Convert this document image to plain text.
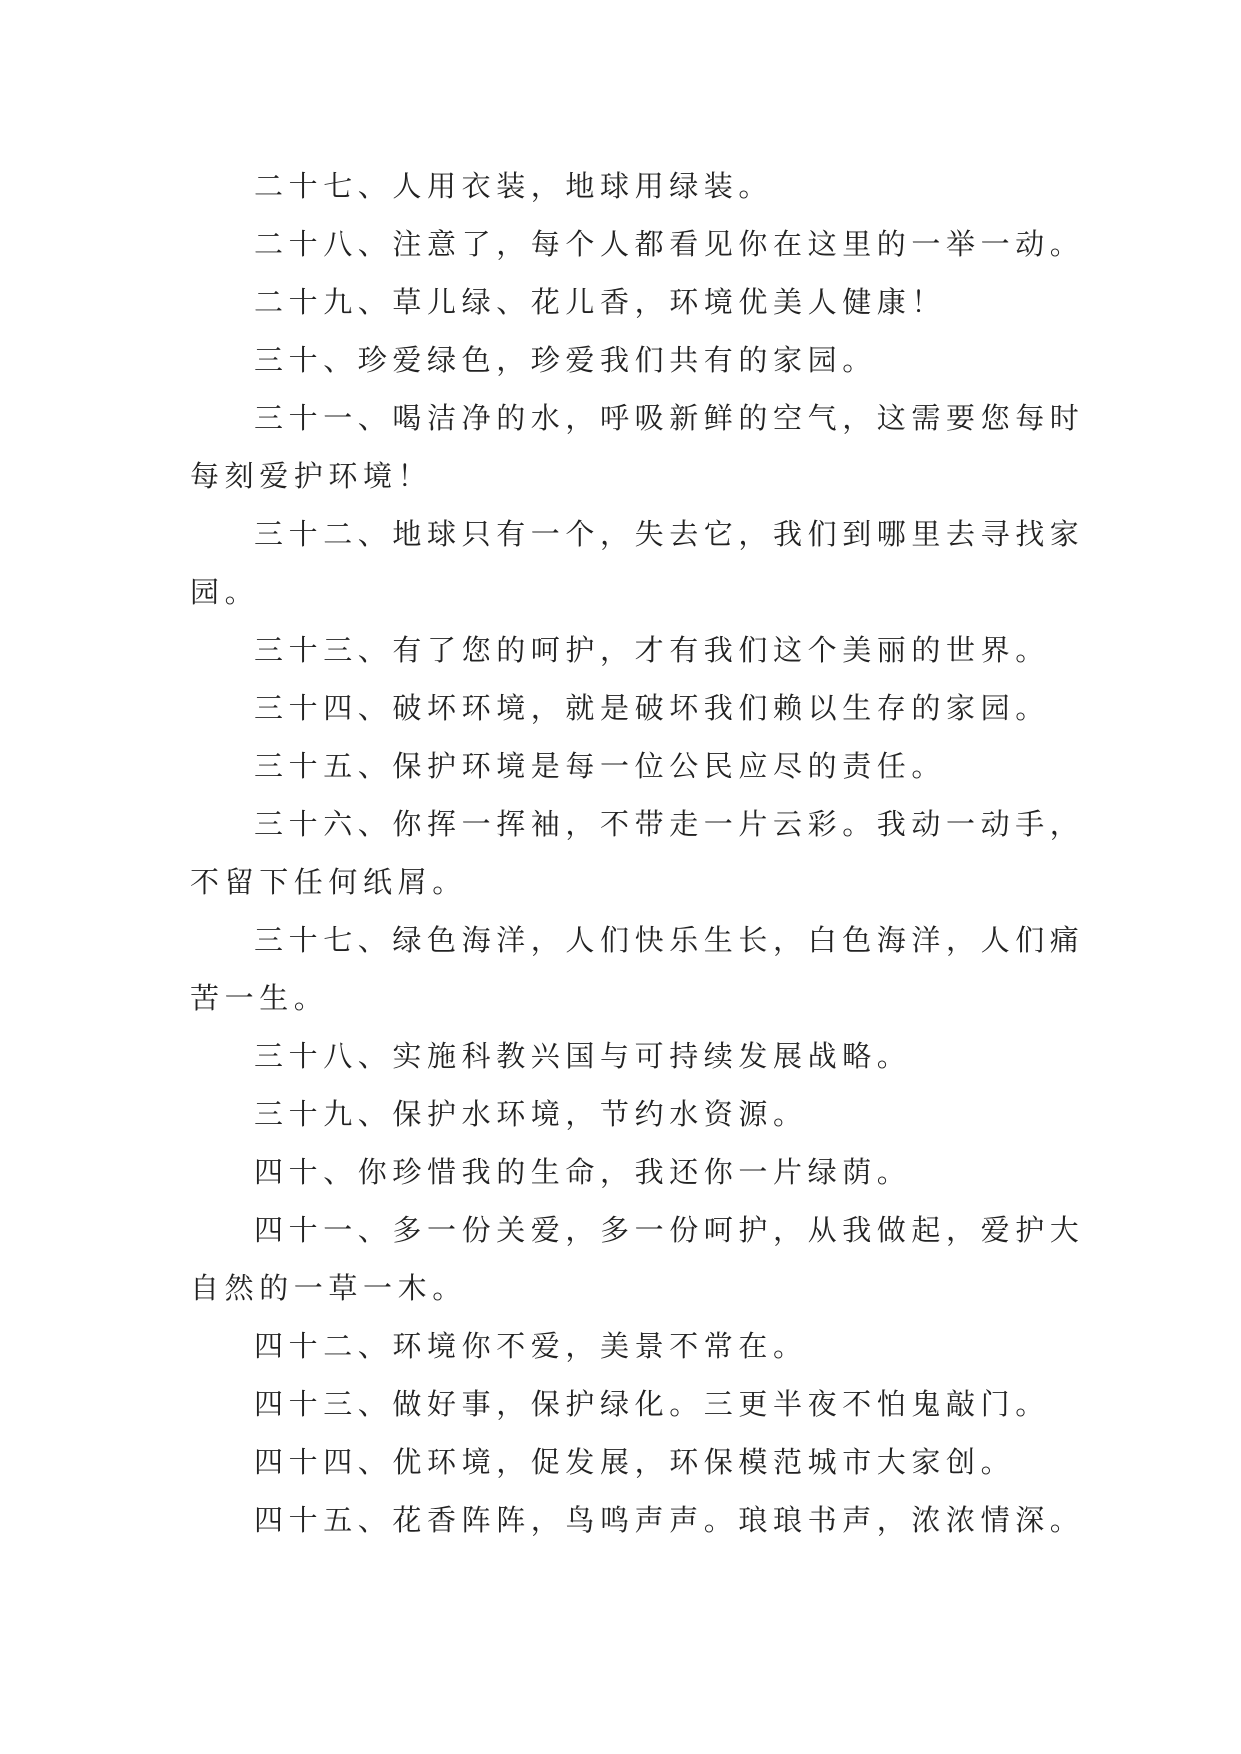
二十七、人用衣装，地球用绿装。

二十八、注意了，每个人都看见你在这里的一举一动。

二十九、草儿绿、花儿香，环境优美人健康！

三十、珍爱绿色，珍爱我们共有的家园。

三十一、喝洁净的水，呼吸新鲜的空气，这需要您每时每刻爱护环境！

三十二、地球只有一个，失去它，我们到哪里去寻找家园。

三十三、有了您的呵护，才有我们这个美丽的世界。

三十四、破坏环境，就是破坏我们赖以生存的家园。

三十五、保护环境是每一位公民应尽的责任。

三十六、你挥一挥袖，不带走一片云彩。我动一动手，不留下任何纸屑。

三十七、绿色海洋，人们快乐生长，白色海洋，人们痛苦一生。

三十八、实施科教兴国与可持续发展战略。

三十九、保护水环境，节约水资源。

四十、你珍惜我的生命，我还你一片绿荫。

四十一、多一份关爱，多一份呵护，从我做起，爱护大自然的一草一木。

四十二、环境你不爱，美景不常在。

四十三、做好事，保护绿化。三更半夜不怕鬼敲门。

四十四、优环境，促发展，环保模范城市大家创。

四十五、花香阵阵，鸟鸣声声。琅琅书声，浓浓情深。
